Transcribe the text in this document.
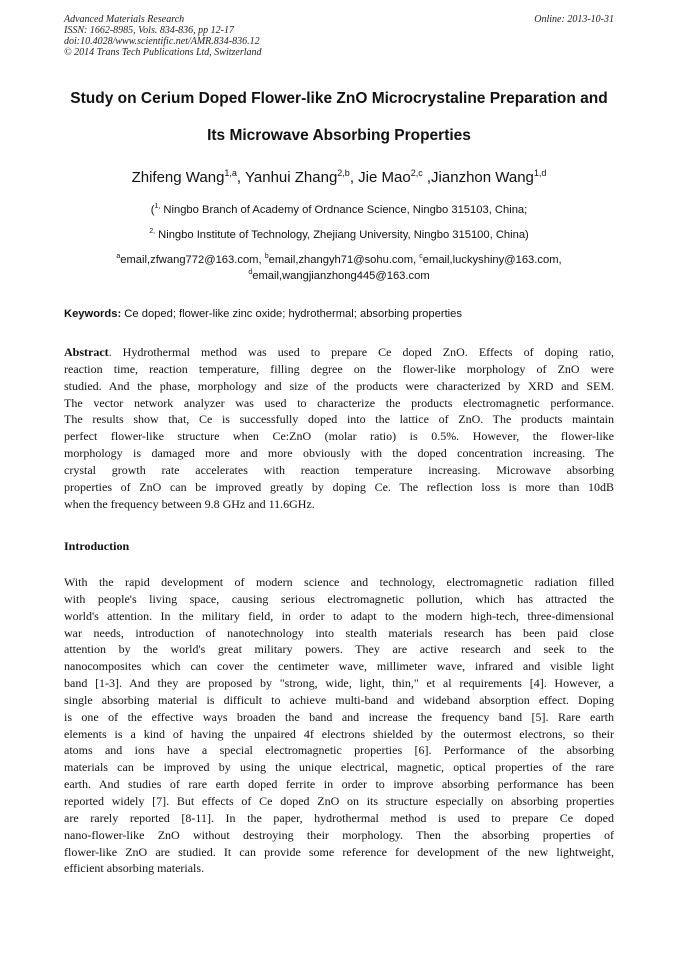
Advanced Materials Research
ISSN: 1662-8985, Vols. 834-836, pp 12-17
doi:10.4028/www.scientific.net/AMR.834-836.12
© 2014 Trans Tech Publications Ltd, Switzerland
Online: 2013-10-31
Study on Cerium Doped Flower-like ZnO Microcrystaline Preparation and
Its Microwave Absorbing Properties
Zhifeng Wang$^{1,a}$, Yanhui Zhang$^{2,b}$, Jie Mao$^{2,c}$ ,Jianzhon Wang$^{1,d}$
($^{1,}$ Ningbo Branch of Academy of Ordnance Science, Ningbo 315103, China;
$^{2,}$ Ningbo Institute of Technology, Zhejiang University, Ningbo 315100, China)
$^a$email,zfwang772@163.com, $^b$email,zhangyh71@sohu.com, $^c$email,luckyshiny@163.com,
$^d$email,wangjianzhong445@163.com
Keywords: Ce doped; flower-like zinc oxide; hydrothermal; absorbing properties
Abstract. Hydrothermal method was used to prepare Ce doped ZnO. Effects of doping ratio,
reaction time, reaction temperature, filling degree on the flower-like morphology of ZnO were
studied. And the phase, morphology and size of the products were characterized by XRD and SEM.
The vector network analyzer was used to characterize the products electromagnetic performance.
The results show that, Ce is successfully doped into the lattice of ZnO. The products maintain
perfect flower-like structure when Ce:ZnO (molar ratio) is 0.5%. However, the flower-like
morphology is damaged more and more obviously with the doped concentration increasing. The
crystal growth rate accelerates with reaction temperature increasing. Microwave absorbing
properties of ZnO can be improved greatly by doping Ce. The reflection loss is more than 10dB
when the frequency between 9.8 GHz and 11.6GHz.
Introduction
With the rapid development of modern science and technology, electromagnetic radiation filled
with people's living space, causing serious electromagnetic pollution, which has attracted the
world's attention. In the military field, in order to adapt to the modern high-tech, three-dimensional
war needs, introduction of nanotechnology into stealth materials research has been paid close
attention by the world's great military powers. They are active research and seek to the
nanocomposites which can cover the centimeter wave, millimeter wave, infrared and visible light
band [1-3]. And they are proposed by "strong, wide, light, thin," et al requirements [4]. However, a
single absorbing material is difficult to achieve multi-band and wideband absorption effect. Doping
is one of the effective ways broaden the band and increase the frequency band [5]. Rare earth
elements is a kind of having the unpaired 4f electrons shielded by the outermost electrons, so their
atoms and ions have a special electromagnetic properties [6]. Performance of the absorbing
materials can be improved by using the unique electrical, magnetic, optical properties of the rare
earth. And studies of rare earth doped ferrite in order to improve absorbing performance has been
reported widely [7]. But effects of Ce doped ZnO on its structure especially on absorbing properties
are rarely reported [8-11]. In the paper, hydrothermal method is used to prepare Ce doped
nano-flower-like ZnO without destroying their morphology. Then the absorbing properties of
flower-like ZnO are studied. It can provide some reference for development of the new lightweight,
efficient absorbing materials.
